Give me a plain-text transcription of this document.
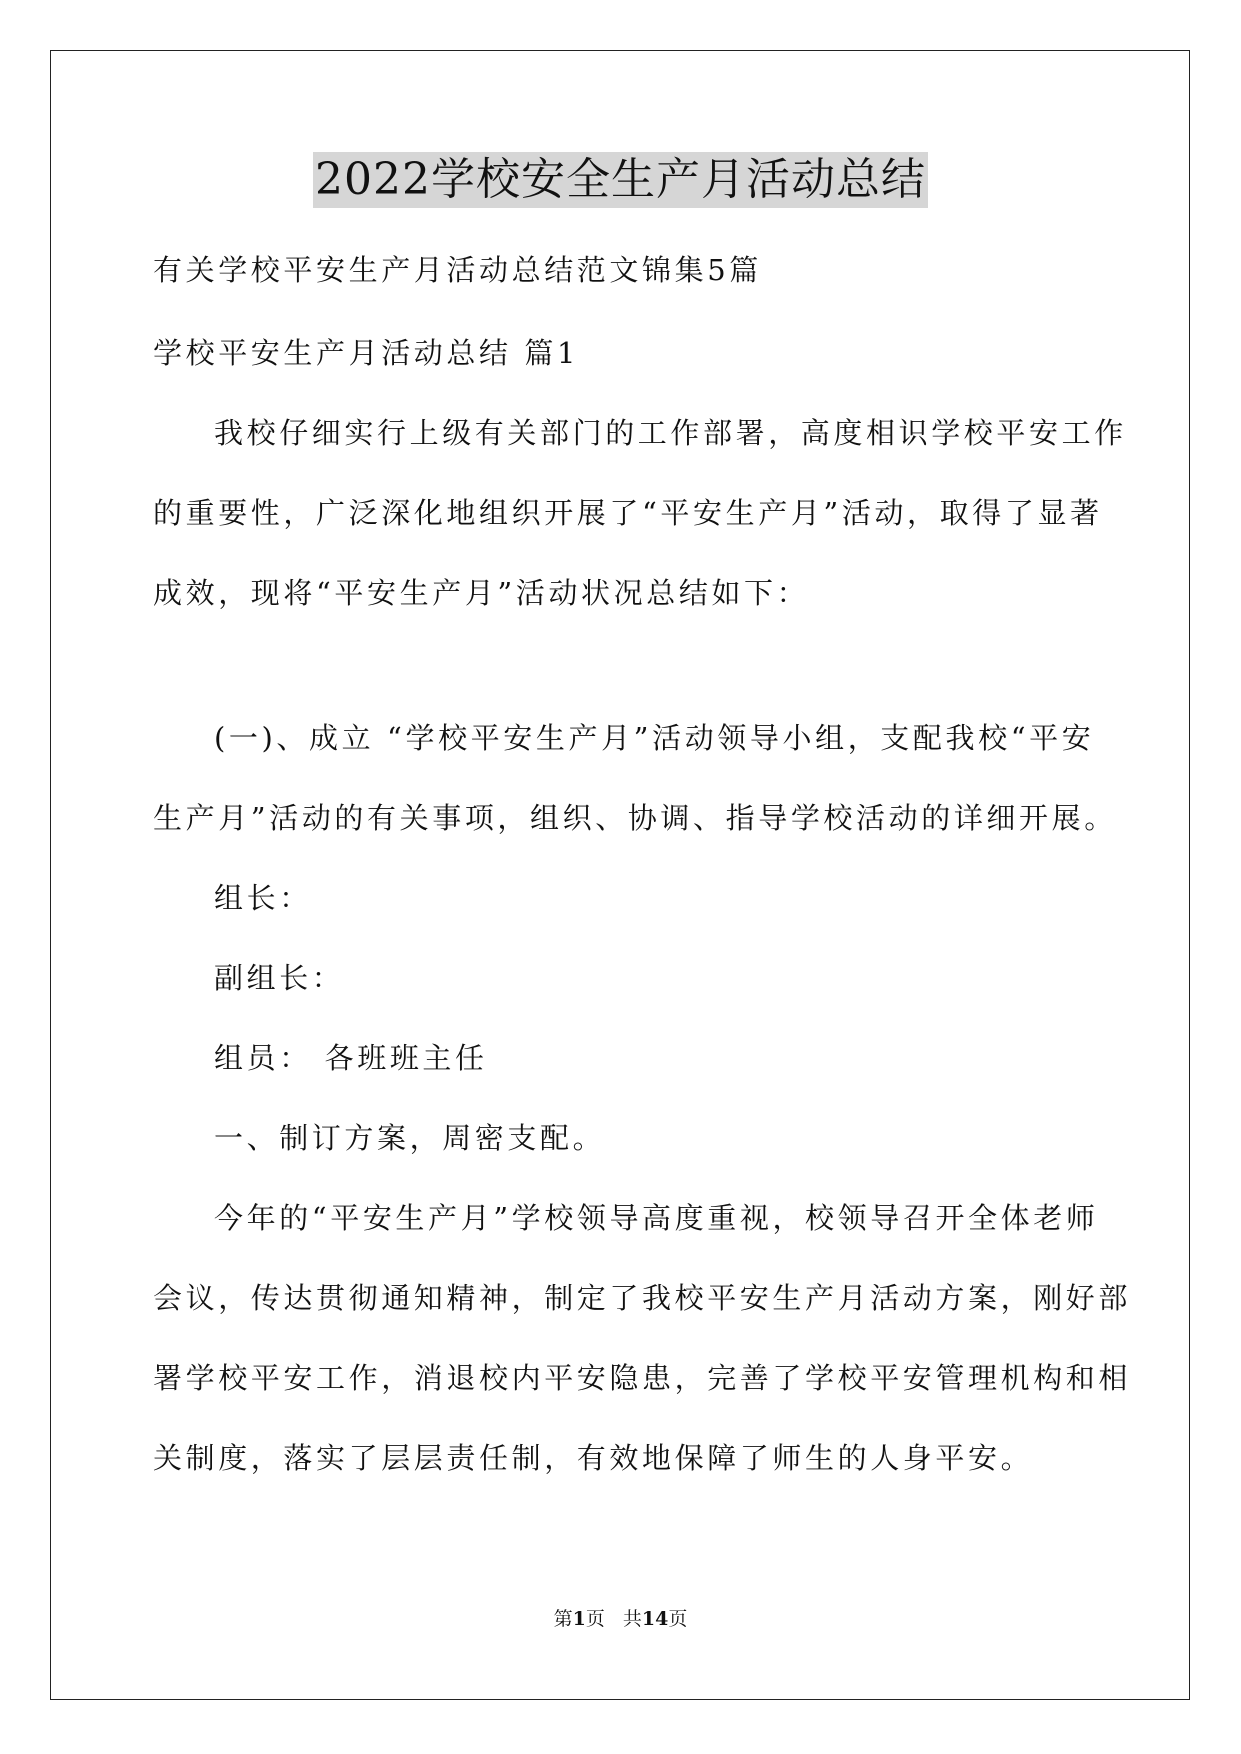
2022学校安全生产月活动总结

有关学校平安生产月活动总结范文锦集5篇

学校平安生产月活动总结 篇1

我校仔细实行上级有关部门的工作部署，高度相识学校平安工作

的重要性，广泛深化地组织开展了“平安生产月”活动，取得了显著

成效，现将“平安生产月”活动状况总结如下：

(一)、成立 “学校平安生产月”活动领导小组，支配我校“平安

生产月”活动的有关事项，组织、协调、指导学校活动的详细开展。

组长：

副组长：

组员： 各班班主任

一、制订方案，周密支配。

今年的“平安生产月”学校领导高度重视，校领导召开全体老师

会议，传达贯彻通知精神，制定了我校平安生产月活动方案，刚好部

署学校平安工作，消退校内平安隐患，完善了学校平安管理机构和相

关制度，落实了层层责任制，有效地保障了师生的人身平安。

第1页 共14页
